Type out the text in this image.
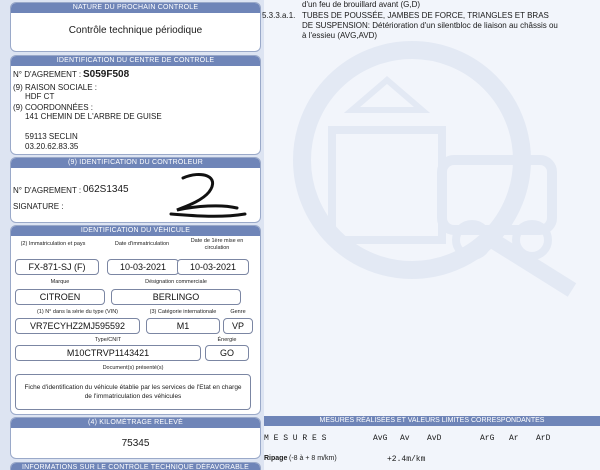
NATURE DU PROCHAIN CONTROLE
Contrôle technique périodique
IDENTIFICATION DU CENTRE DE CONTRÔLE
N° D'AGREMENT : S059F508
(9) RAISON SOCIALE :
HDF CT
(9) COORDONNÉES :
141 CHEMIN DE L'ARBRE DE GUISE
59113 SECLIN
03.20.62.83.35
(9) IDENTIFICATION DU CONTRÔLEUR
N° D'AGREMENT : 062S1345
SIGNATURE :
IDENTIFICATION DU VÉHICULE
(2) Immatriculation et pays	Date d'immatriculation	Date de 1ère mise en circulation
FX-871-SJ (F)	10-03-2021	10-03-2021
Marque	Désignation commerciale
CITROEN	BERLINGO
(1) N° dans la série du type (VIN)	(3) Catégorie internationale	Genre
VR7ECYHZ2MJ595592	M1	VP
Type/CNIT	Énergie
M10CTRVP1143421	GO
Document(s) présenté(s)
Fiche d'identification du véhicule établie par les services de l'Etat en charge de l'immatriculation des véhicules
(4) KILOMÉTRAGE RELEVÉ
75345
INFORMATIONS SUR LE CONTRÔLE TECHNIQUE DÉFAVORABLE
d'un feu de brouillard avant (G,D)
5.3.3.a.1. TUBES DE POUSSÉE, JAMBES DE FORCE, TRIANGLES ET BRAS DE SUSPENSION: Détérioration d'un silentbloc de liaison au châssis ou à l'essieu (AVG,AVD)
MESURES RÉALISÉES ET VALEURS LIMITES CORRESPONDANTES
M E S U R E S	AvG Av AvD	ArG Ar ArD
Ripage (-8 à + 8 m/km)	+2.4m/km
